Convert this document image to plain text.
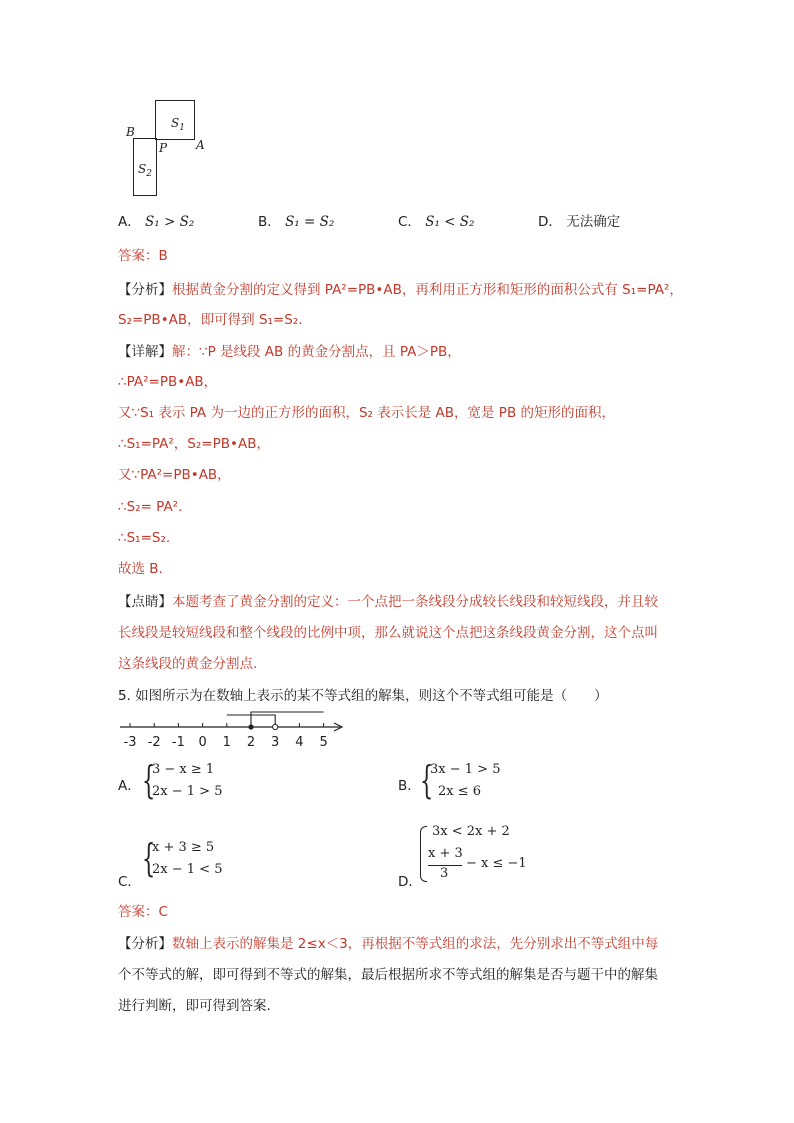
$S_1$
$S_2$
B
P A
A． S₁ > S₂	B． S₁ = S₂	C． S₁ < S₂	D． 无法确定
答案：B
【分析】根据黄金分割的定义得到 PA²=PB•AB，再利用正方形和矩形的面积公式有 S₁=PA²，
S₂=PB•AB，即可得到 S₁=S₂.
【详解】解：∵P 是线段 AB 的黄金分割点，且 PA＞PB，
∴PA²=PB•AB，
又∵S₁ 表示 PA 为一边的正方形的面积，S₂ 表示长是 AB，宽是 PB 的矩形的面积，
∴S₁=PA²，S₂=PB•AB，
又∵PA²=PB•AB，
∴S₂= PA².
∴S₁=S₂.
故选 B.
【点睛】本题考查了黄金分割的定义：一个点把一条线段分成较长线段和较短线段，并且较
长线段是较短线段和整个线段的比例中项，那么就说这个点把这条线段黄金分割，这个点叫
这条线段的黄金分割点.
5. 如图所示为在数轴上表示的某不等式组的解集，则这个不等式组可能是（　　）
-3 -2 -1 0 1 2 3 4 5
A． {
3 − x ≥ 1
2x − 1 > 5	B． {
3x − 1 > 5
2x ≤ 6
C．
{
x + 3 ≥ 5
2x − 1 < 5
D．
3x < 2x + 2
x + 3
3
− x ≤ −1
答案：C
【分析】数轴上表示的解集是 2≤x＜3，再根据不等式组的求法，先分别求出不等式组中每
个不等式的解，即可得到不等式的解集，最后根据所求不等式组的解集是否与题干中的解集
进行判断，即可得到答案.
